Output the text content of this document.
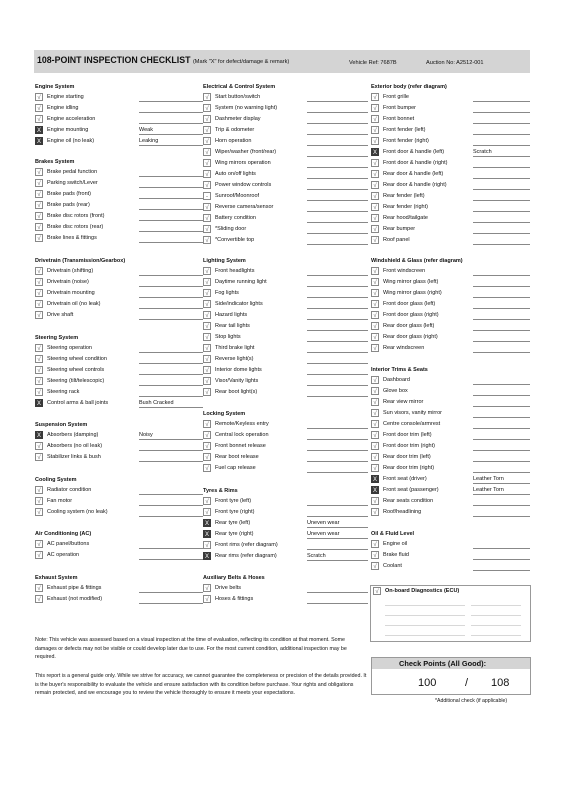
108-POINT INSPECTION CHECKLIST (Mark "X" for defect/damage & remark)	Vehicle Ref: 7687B	Auction No: A2512-001
Engine System
√	Engine starting
√	Engine idling
√	Engine acceleration
X	Engine mounting	Weak
X	Engine oil (no leak)	Leaking
Brakes System
√	Brake pedal function
√	Parking switch/Lever
√	Brake pads (front)
√	Brake pads (rear)
√	Brake disc rotors (front)
√	Brake disc rotors (rear)
√	Brake lines & fittings
Drivetrain (Transmission/Gearbox)
√	Drivetrain (shifting)
√	Drivetrain (noise)
√	Drivetrain mounting
√	Drivetrain oil (no leak)
√	Drive shaft
Steering System
√	Steering operation
√	Steering wheel condition
√	Steering wheel controls
√	Steering (tilt/telescopic)
√	Steering rack
X	Control arms & ball joints	Bush Cracked
Suspension System
X	Absorbers (damping)	Noisy
√	Absorbers (no oil leak)
√	Stabilizer links & bush
Cooling System
√	Radiator condition
√	Fan motor
√	Cooling system (no leak)
Air Conditioning (AC)
√	AC panel/buttons
√	AC operation
Exhaust System
√	Exhaust pipe & fittings
√	Exhaust (not modified)
Electrical & Control System
√	Start button/switch
√	System (no warning light)
√	Dashmeter display
√	Trip & odometer
√	Horn operation
√	Wiper/washer (front/rear)
√	Wing mirrors operation
√	Auto on/off lights
√	Power window controls
-	Sunroof/Moonroof
√	Reverse camera/sensor
√	Battery condition
√	*Sliding door
√	*Convertible top
Lighting System
√	Front headlights
√	Daytime running light
√	Fog lights
√	Side/indicator lights
√	Hazard lights
√	Rear tail lights
√	Stop lights
√	Third brake light
√	Reverse light(s)
√	Interior dome lights
√	Visor/Vanity lights
√	Rear boot light(s)
Locking System
√	Remote/Keyless entry
√	Central lock operation
√	Front bonnet release
√	Rear boot release
√	Fuel cap release
Tyres & Rims
√	Front tyre (left)
√	Front tyre (right)
X	Rear tyre (left)	Uneven wear
X	Rear tyre (right)	Uneven wear
√	Front rims (refer diagram)
X	Rear rims (refer diagram)	Scratch
Auxiliary Belts & Hoses
√	Drive belts
√	Hoses & fittings
Exterior body (refer diagram)
√	Front grille
√	Front bumper
√	Front bonnet
√	Front fender (left)
√	Front fender (right)
X	Front door & handle (left)	Scratch
√	Front door & handle (right)
√	Rear door & handle (left)
√	Rear door & handle (right)
√	Rear fender (left)
√	Rear fender (right)
√	Rear hood/tailgate
√	Rear bumper
√	Roof panel
Windshield & Glass (refer diagram)
√	Front windscreen
√	Wing mirror glass (left)
√	Wing mirror glass (right)
√	Front door glass (left)
√	Front door glass (right)
√	Rear door glass (left)
√	Rear door glass (right)
√	Rear windscreen
Interior Trims & Seats
√	Dashboard
√	Glove box
√	Rear view mirror
√	Sun visors, vanity mirror
√	Centre console/armrest
√	Front door trim (left)
√	Front door trim (right)
√	Rear door trim (left)
√	Rear door trim (right)
X	Front seat (driver)	Leather Torn
X	Front seat (passenger)	Leather Torn
√	Rear seats condition
√	Roof/headlining
Oil & Fluid Level
√	Engine oil
√	Brake fluid
√	Coolant
√	On-board Diagnostics (ECU)
Note: This vehicle was assessed based on a visual inspection at the time of evaluation, reflecting its condition at that moment. Some damages or defects may not be visible or could develop later due to use. For the most current condition, additional inspection may be required.
This report is a general guide only. While we strive for accuracy, we cannot guarantee the completeness or precision of the details provided. It is the buyer's responsibility to evaluate the vehicle and ensure satisfaction with its condition before purchase. Your rights and obligations remain protected, and we encourage you to review the vehicle thoroughly to ensure it meets your expectations.
Check Points (All Good):
100	/ 108
*Additional check (if applicable)
